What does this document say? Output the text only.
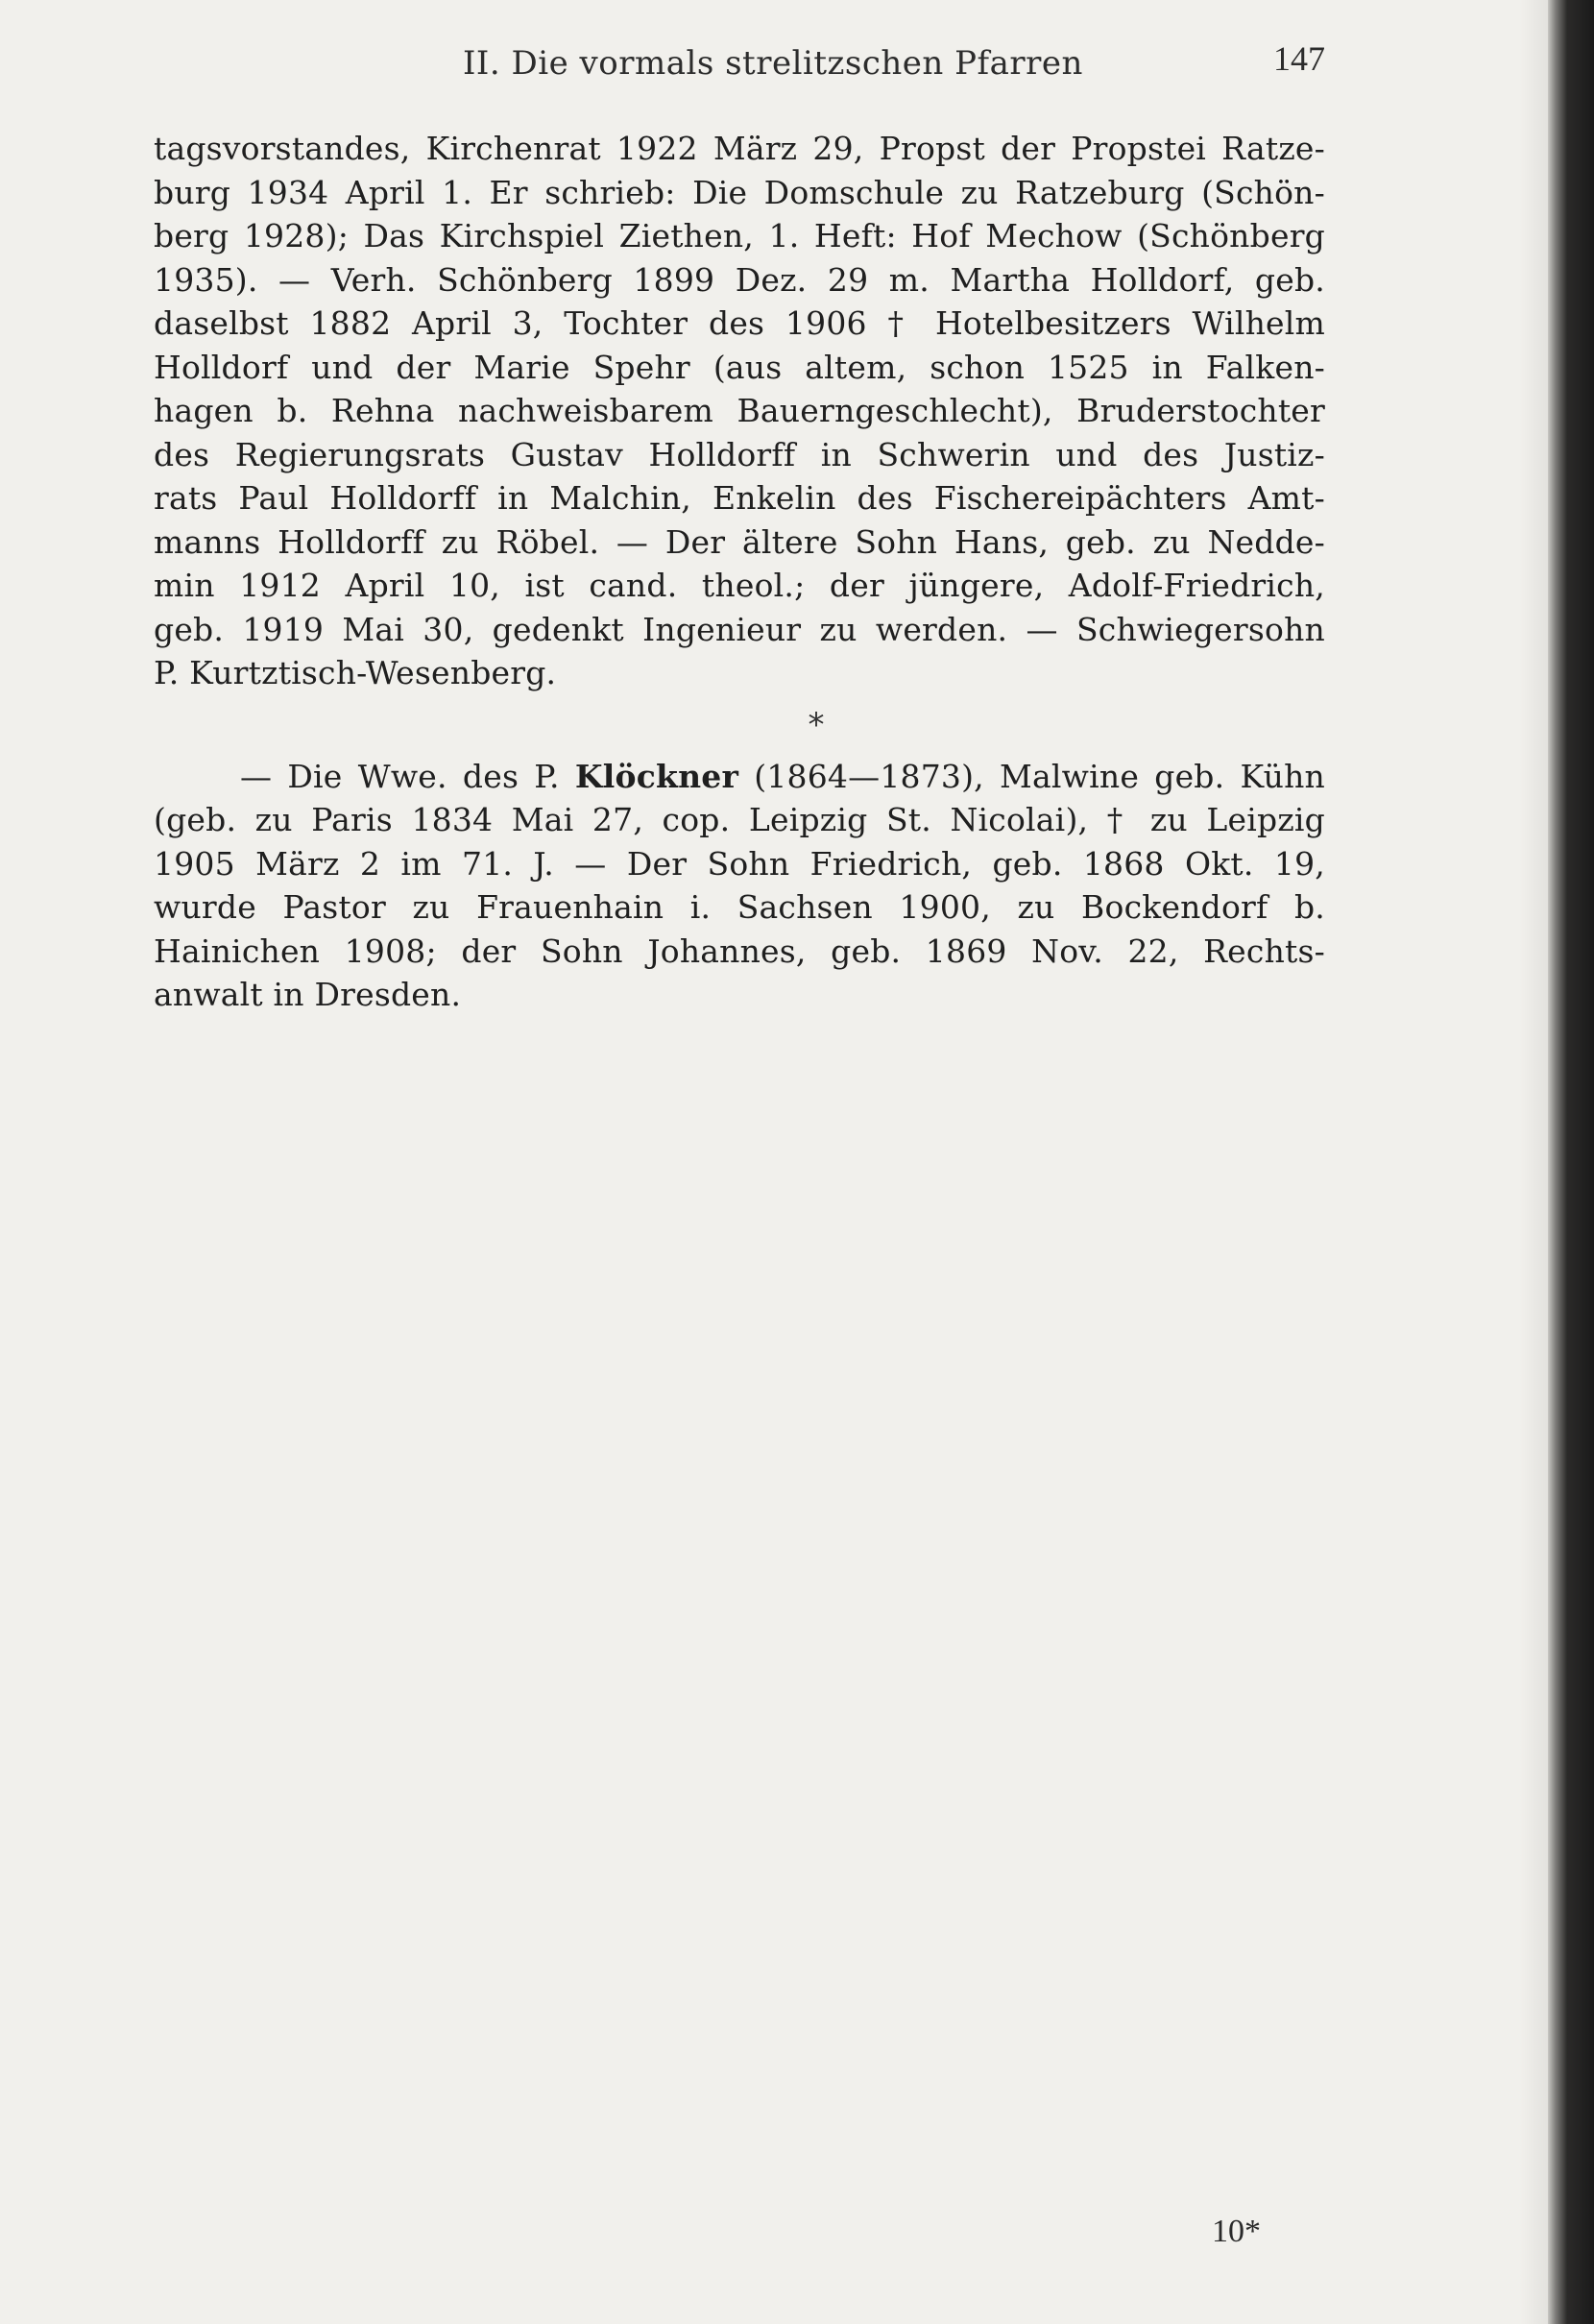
II. Die vormals strelitzschen Pfarren	147
tagsvorstandes, Kirchenrat 1922 März 29, Propst der Propstei Ratze-
burg 1934 April 1. Er schrieb: Die Domschule zu Ratzeburg (Schön-
berg 1928); Das Kirchspiel Ziethen, 1. Heft: Hof Mechow (Schönberg
1935). — Verh. Schönberg 1899 Dez. 29 m. Martha Holldorf, geb.
daselbst 1882 April 3, Tochter des 1906 † Hotelbesitzers Wilhelm
Holldorf und der Marie Spehr (aus altem, schon 1525 in Falken-
hagen b. Rehna nachweisbarem Bauerngeschlecht), Bruderstochter
des Regierungsrats Gustav Holldorff in Schwerin und des Justiz-
rats Paul Holldorff in Malchin, Enkelin des Fischereipächters Amt-
manns Holldorff zu Röbel. — Der ältere Sohn Hans, geb. zu Nedde-
min 1912 April 10, ist cand. theol.; der jüngere, Adolf-Friedrich,
geb. 1919 Mai 30, gedenkt Ingenieur zu werden. — Schwiegersohn
P. Kurtztisch-Wesenberg.
*
— Die Wwe. des P. Klöckner (1864—1873), Malwine geb. Kühn
(geb. zu Paris 1834 Mai 27, cop. Leipzig St. Nicolai), † zu Leipzig
1905 März 2 im 71. J. — Der Sohn Friedrich, geb. 1868 Okt. 19,
wurde Pastor zu Frauenhain i. Sachsen 1900, zu Bockendorf b.
Hainichen 1908; der Sohn Johannes, geb. 1869 Nov. 22, Rechts-
anwalt in Dresden.
10*
